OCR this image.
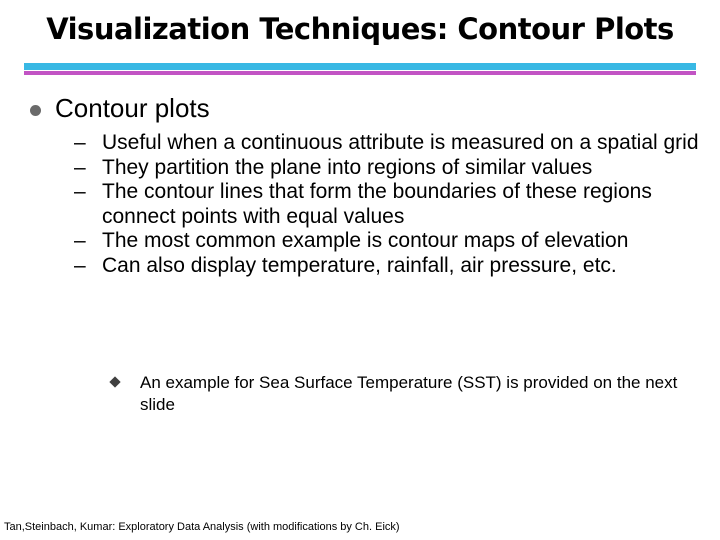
Visualization Techniques: Contour Plots
Contour plots
– Useful when a continuous attribute is measured on a spatial grid
– They partition the plane into regions of similar values
– The contour lines that form the boundaries of these regions connect points with equal values
– The most common example is contour maps of elevation
– Can also display temperature, rainfall, air pressure, etc.
An example for Sea Surface Temperature (SST) is provided on the next slide
Tan,Steinbach, Kumar: Exploratory Data Analysis (with modifications by Ch. Eick)
